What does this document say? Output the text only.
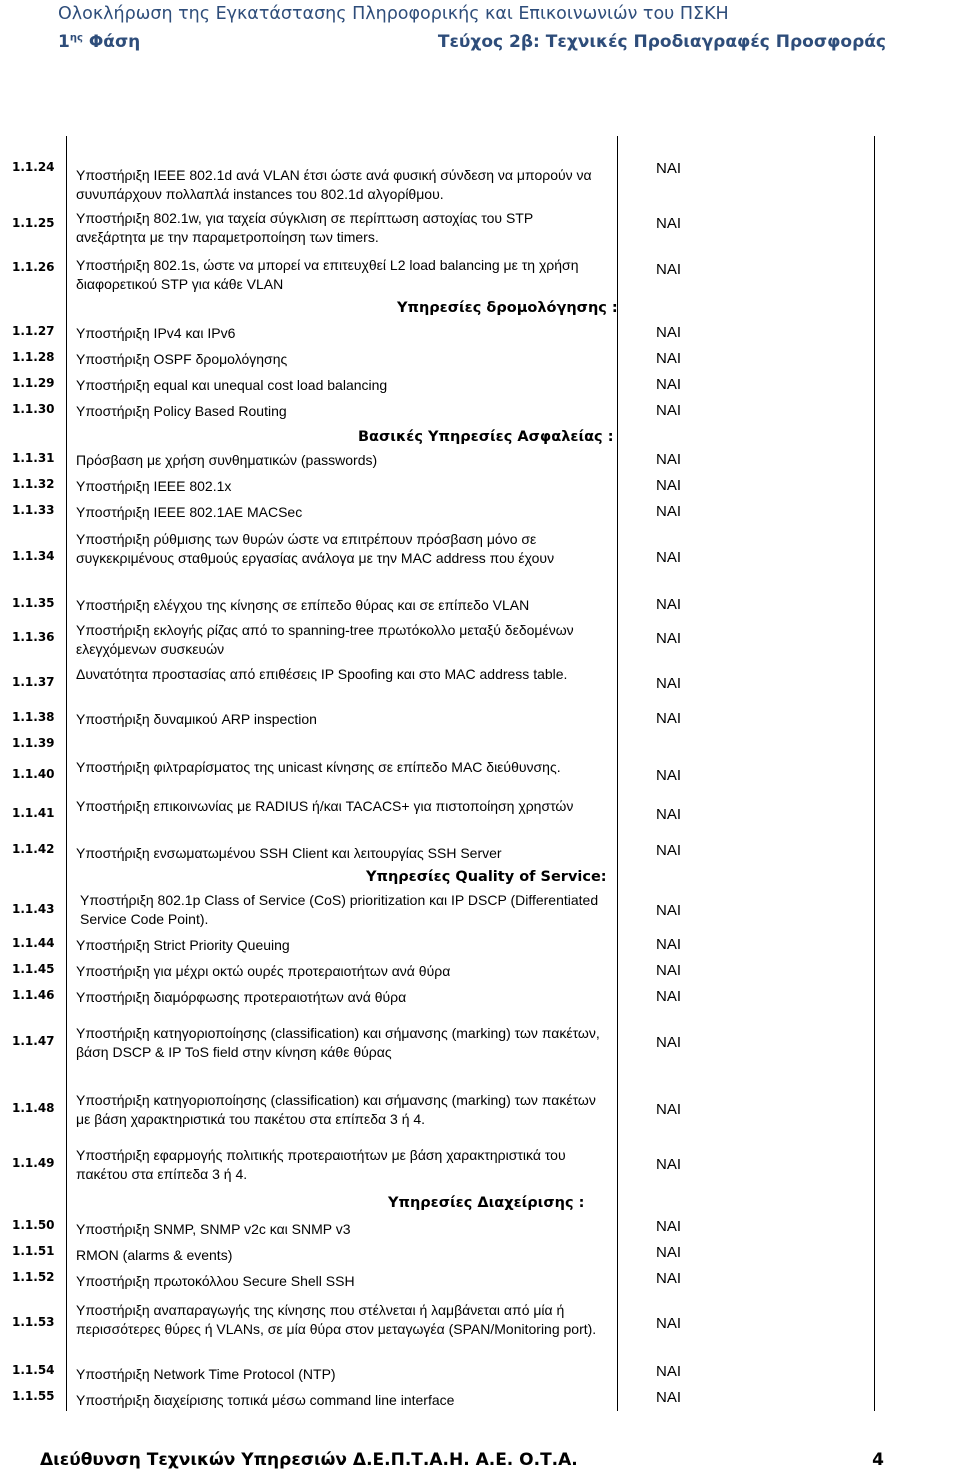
Ολοκλήρωση της Εγκατάστασης Πληροφορικής και Επικοινωνιών του ΠΣΚΗ
$1^{\eta\varsigma}$ Φάση	Τεύχος 2β: Τεχνικές Προδιαγραφές Προσφοράς
1.1.24 Υποστήριξη IEEE 802.1d ανά VLAN έτσι ώστε ανά φυσική σύνδεση να μπορούν να συνυπάρχουν πολλαπλά instances του 802.1d αλγορίθμου.
ΝΑΙ
1.1.25 Υποστήριξη 802.1w, για ταχεία σύγκλιση σε περίπτωση αστοχίας του STP ανεξάρτητα με την παραμετροποίηση των timers.
ΝΑΙ
1.1.26 Υποστήριξη 802.1s, ώστε να μπορεί να επιτευχθεί L2 load balancing με τη χρήση διαφορετικού STP για κάθε VLAN
ΝΑΙ
Υπηρεσίες δρομολόγησης :
1.1.27 Υποστήριξη IPv4 και IPv6	ΝΑΙ
1.1.28 Υποστήριξη OSPF δρομολόγησης	ΝΑΙ
1.1.29 Υποστήριξη equal και unequal cost load balancing	ΝΑΙ
1.1.30 Υποστήριξη Policy Based Routing	ΝΑΙ
Βασικές Υπηρεσίες Ασφαλείας :
1.1.31 Πρόσβαση με χρήση συνθηματικών (passwords)	ΝΑΙ
1.1.32 Υποστήριξη IEEE 802.1x	ΝΑΙ
1.1.33 Υποστήριξη IEEE 802.1AE MACSec	ΝΑΙ
1.1.34
Υποστήριξη ρύθμισης των θυρών ώστε να επιτρέπουν πρόσβαση μόνο σε συγκεκριμένους σταθμούς εργασίας ανάλογα με την MAC address που έχουν	ΝΑΙ
1.1.35 Υποστήριξη ελέγχου της κίνησης σε επίπεδο θύρας και σε επίπεδο VLAN	ΝΑΙ
1.1.36 Υποστήριξη εκλογής ρίζας από το spanning-tree πρωτόκολλο μεταξύ δεδομένων ελεγχόμενων συσκευών
ΝΑΙ
1.1.37 Δυνατότητα προστασίας από επιθέσεις IP Spoofing και στο MAC address table.
ΝΑΙ
1.1.38 Υποστήριξη δυναμικού ARP inspection	ΝΑΙ
1.1.39
1.1.40 Υποστήριξη φιλτραρίσματος της unicast κίνησης σε επίπεδο MAC διεύθυνσης.	ΝΑΙ
1.1.41 Υποστήριξη επικοινωνίας με RADIUS ή/και TACACS+ για πιστοποίηση χρηστών	ΝΑΙ
1.1.42 Υποστήριξη ενσωματωμένου SSH Client και λειτουργίας SSH Server	ΝΑΙ
Υπηρεσίες Quality of Service:
1.1.43
Υποστήριξη 802.1p Class of Service (CoS) prioritization και IP DSCP (Differentiated Service Code Point).	ΝΑΙ
1.1.44 Υποστήριξη Strict Priority Queuing	ΝΑΙ
1.1.45 Υποστήριξη για μέχρι οκτώ ουρές προτεραιοτήτων ανά θύρα	ΝΑΙ
1.1.46 Υποστήριξη διαμόρφωσης προτεραιοτήτων ανά θύρα	ΝΑΙ
1.1.47 Υποστήριξη κατηγοριοποίησης (classification) και σήμανσης (marking) των πακέτων, βάση DSCP & IP ToS field στην κίνηση κάθε θύρας
ΝΑΙ
1.1.48 Υποστήριξη κατηγοριοποίησης (classification) και σήμανσης (marking) των πακέτων με βάση χαρακτηριστικά του πακέτου στα επίπεδα 3 ή 4.
ΝΑΙ
1.1.49 Υποστήριξη εφαρμογής πολιτικής προτεραιοτήτων με βάση χαρακτηριστικά του πακέτου στα επίπεδα 3 ή 4.
ΝΑΙ
Υπηρεσίες Διαχείρισης :
1.1.50 Υποστήριξη SNMP, SNMP v2c και SNMP v3	ΝΑΙ
1.1.51 RMON (alarms & events)	ΝΑΙ
1.1.52 Υποστήριξη πρωτοκόλλου Secure Shell SSH	ΝΑΙ
1.1.53
Υποστήριξη αναπαραγωγής της κίνησης που στέλνεται ή λαμβάνεται από μία ή περισσότερες θύρες ή VLANs, σε μία θύρα στον μεταγωγέα (SPAN/Monitoring port).	ΝΑΙ
1.1.54 Υποστήριξη Network Time Protocol (NTP)	ΝΑΙ
1.1.55 Υποστήριξη διαχείρισης τοπικά μέσω command line interface	ΝΑΙ
Διεύθυνση Τεχνικών Υπηρεσιών Δ.Ε.Π.Τ.Α.Η. Α.Ε. Ο.Τ.Α.	4
